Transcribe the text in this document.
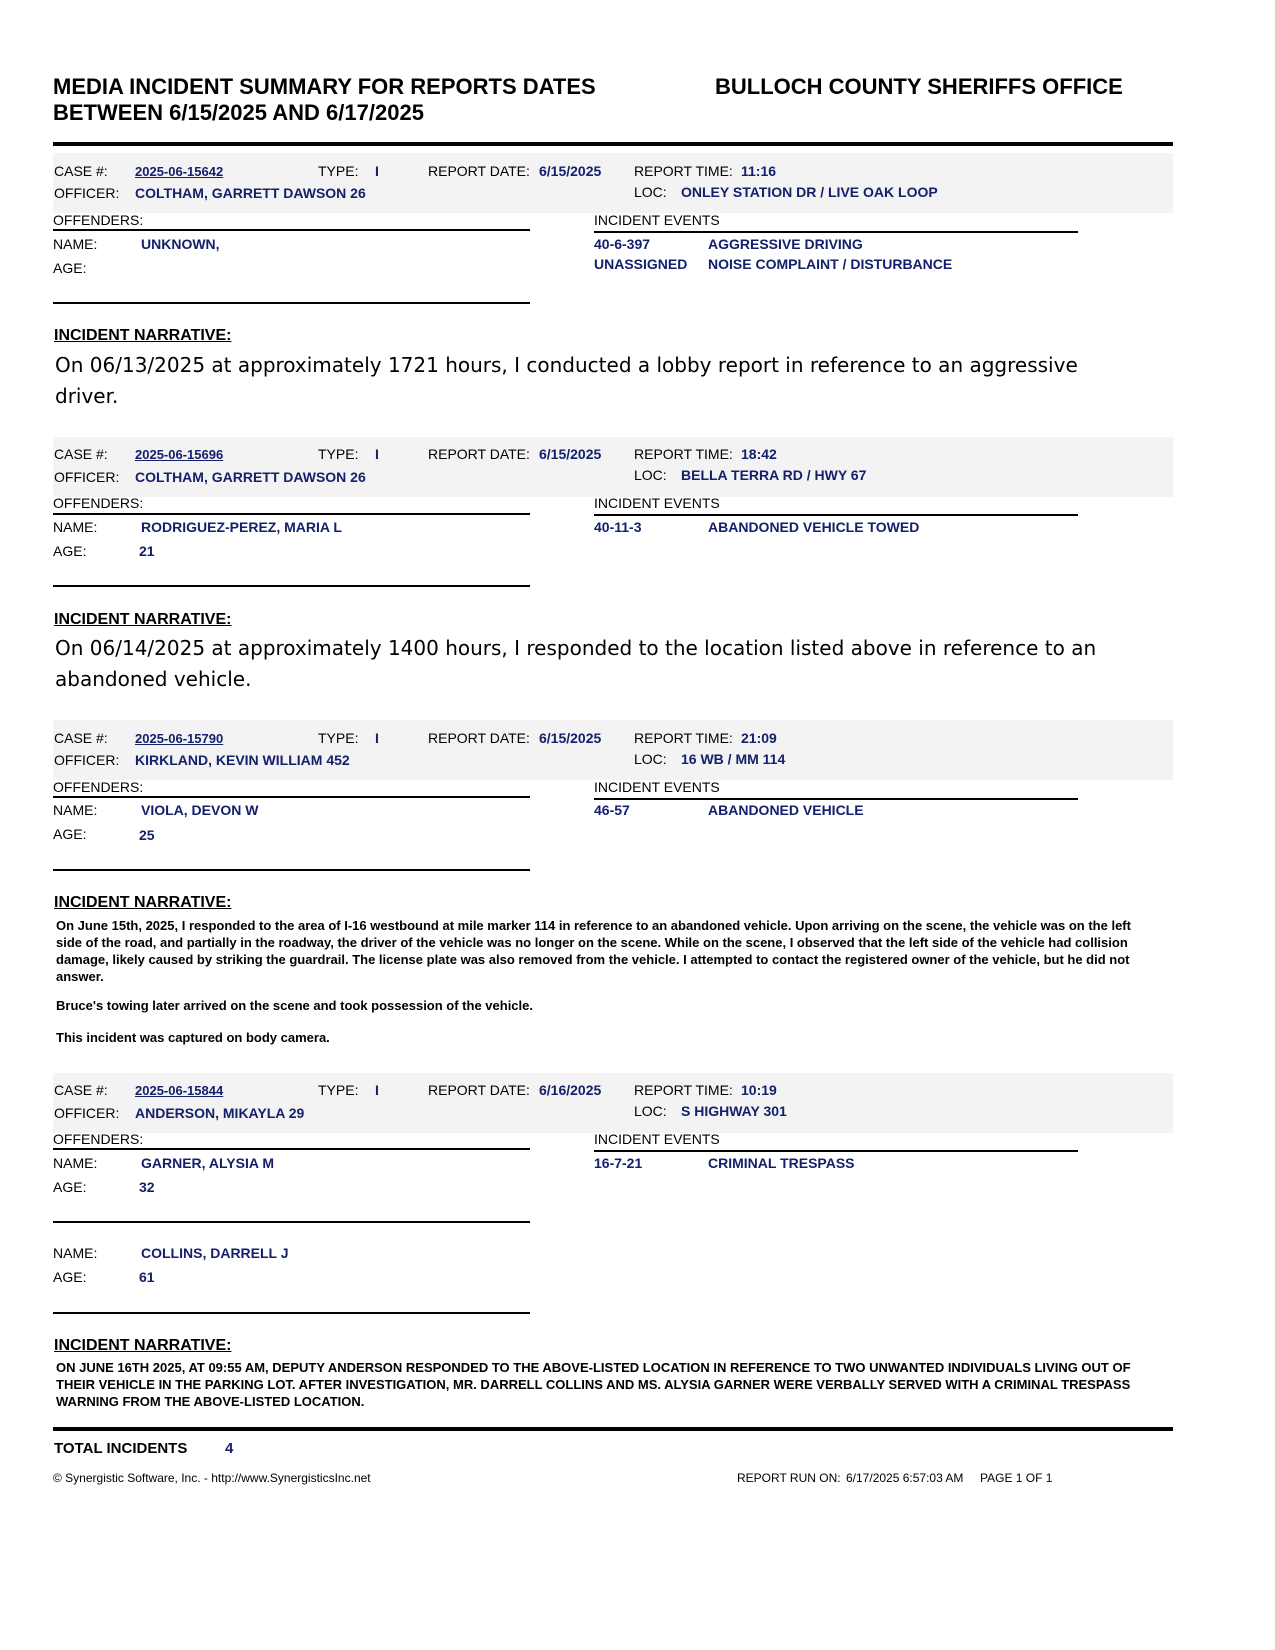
MEDIA INCIDENT SUMMARY FOR REPORTS DATES
BETWEEN 6/15/2025 AND 6/17/2025
BULLOCH COUNTY SHERIFFS OFFICE
CASE #: 2025-06-15642	TYPE: I	REPORT DATE: 6/15/2025 REPORT TIME: 11:16
OFFICER: COLTHAM, GARRETT DAWSON 26	LOC: ONLEY STATION DR / LIVE OAK LOOP
OFFENDERS:	INCIDENT EVENTS
NAME:	UNKNOWN,
AGE:
40-6-397	AGGRESSIVE DRIVING
UNASSIGNED NOISE COMPLAINT / DISTURBANCE
INCIDENT NARRATIVE:
On 06/13/2025 at approximately 1721 hours, I conducted a lobby report in reference to an aggressive driver.
CASE #: 2025-06-15696	TYPE: I	REPORT DATE: 6/15/2025 REPORT TIME: 18:42
OFFICER: COLTHAM, GARRETT DAWSON 26	LOC: BELLA TERRA RD / HWY 67
OFFENDERS:	INCIDENT EVENTS
NAME:	RODRIGUEZ-PEREZ, MARIA L
AGE:	21
40-11-3	ABANDONED VEHICLE TOWED
INCIDENT NARRATIVE:
On 06/14/2025 at approximately 1400 hours, I responded to the location listed above in reference to an abandoned vehicle.
CASE #: 2025-06-15790	TYPE: I	REPORT DATE: 6/15/2025 REPORT TIME: 21:09
OFFICER: KIRKLAND, KEVIN WILLIAM 452	LOC: 16 WB / MM 114
OFFENDERS:	INCIDENT EVENTS
NAME:	VIOLA, DEVON W
AGE:	25
46-57	ABANDONED VEHICLE
INCIDENT NARRATIVE:
On June 15th, 2025, I responded to the area of I-16 westbound at mile marker 114 in reference to an abandoned vehicle. Upon arriving on the scene, the vehicle was on the left side of the road, and partially in the roadway, the driver of the vehicle was no longer on the scene. While on the scene, I observed that the left side of the vehicle had collision damage, likely caused by striking the guardrail. The license plate was also removed from the vehicle. I attempted to contact the registered owner of the vehicle, but he did not answer.
Bruce's towing later arrived on the scene and took possession of the vehicle.
This incident was captured on body camera.
CASE #: 2025-06-15844	TYPE: I	REPORT DATE: 6/16/2025 REPORT TIME: 10:19
OFFICER: ANDERSON, MIKAYLA 29	LOC: S HIGHWAY 301
OFFENDERS:	INCIDENT EVENTS
NAME:	GARNER, ALYSIA M
AGE:	32
16-7-21	CRIMINAL TRESPASS
NAME:	COLLINS, DARRELL J
AGE:	61
INCIDENT NARRATIVE:
ON JUNE 16TH 2025, AT 09:55 AM, DEPUTY ANDERSON RESPONDED TO THE ABOVE-LISTED LOCATION IN REFERENCE TO TWO UNWANTED INDIVIDUALS LIVING OUT OF THEIR VEHICLE IN THE PARKING LOT. AFTER INVESTIGATION, MR. DARRELL COLLINS AND MS. ALYSIA GARNER WERE VERBALLY SERVED WITH A CRIMINAL TRESPASS WARNING FROM THE ABOVE-LISTED LOCATION.
TOTAL INCIDENTS	4
© Synergistic Software, Inc. - http://www.SynergisticsInc.net	REPORT RUN ON: 6/17/2025 6:57:03 AM PAGE 1 OF 1
